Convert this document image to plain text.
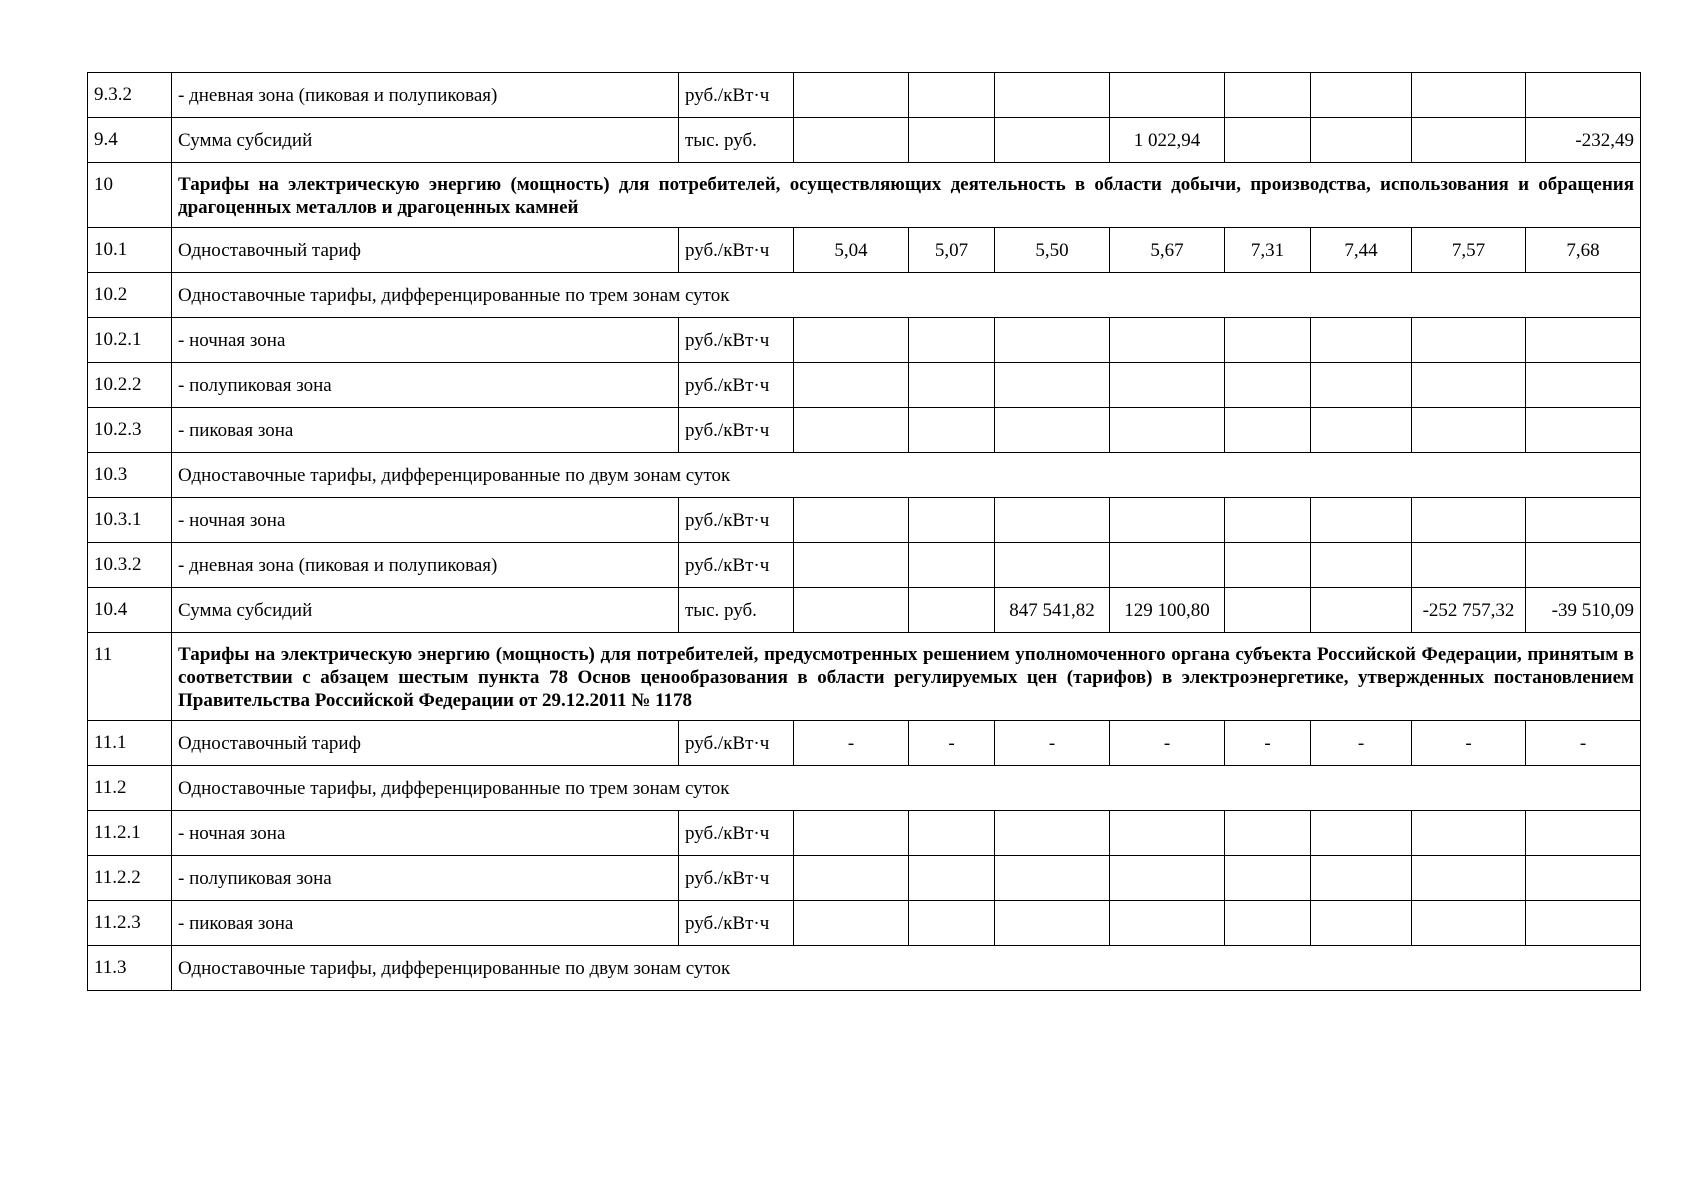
9.3.2	- дневная зона (пиковая и полупиковая)	руб./кВт·ч								
9.4	Сумма субсидий	тыс. руб.				1 022,94				-232,49
10	Тарифы на электрическую энергию (мощность) для потребителей, осуществляющих деятельность в области добычи, производства, использования и обращения драгоценных металлов и драгоценных камней									
10.1	Одноставочный тариф	руб./кВт·ч	5,04	5,07	5,50	5,67	7,31	7,44	7,57	7,68
10.2	Одноставочные тарифы, дифференцированные по трем зонам суток									
10.2.1	- ночная зона	руб./кВт·ч								
10.2.2	- полупиковая зона	руб./кВт·ч								
10.2.3	- пиковая зона	руб./кВт·ч								
10.3	Одноставочные тарифы, дифференцированные по двум зонам суток									
10.3.1	- ночная зона	руб./кВт·ч								
10.3.2	- дневная зона (пиковая и полупиковая)	руб./кВт·ч								
10.4	Сумма субсидий	тыс. руб.			847 541,82	129 100,80			-252 757,32	-39 510,09
11	Тарифы на электрическую энергию (мощность) для потребителей, предусмотренных решением уполномоченного органа субъекта Российской Федерации, принятым в соответствии с абзацем шестым пункта 78 Основ ценообразования в области регулируемых цен (тарифов) в электроэнергетике, утвержденных постановлением Правительства Российской Федерации от 29.12.2011 № 1178									
11.1	Одноставочный тариф	руб./кВт·ч	-	-	-	-	-	-	-	-
11.2	Одноставочные тарифы, дифференцированные по трем зонам суток									
11.2.1	- ночная зона	руб./кВт·ч								
11.2.2	- полупиковая зона	руб./кВт·ч								
11.2.3	- пиковая зона	руб./кВт·ч								
11.3	Одноставочные тарифы, дифференцированные по двум зонам суток									
